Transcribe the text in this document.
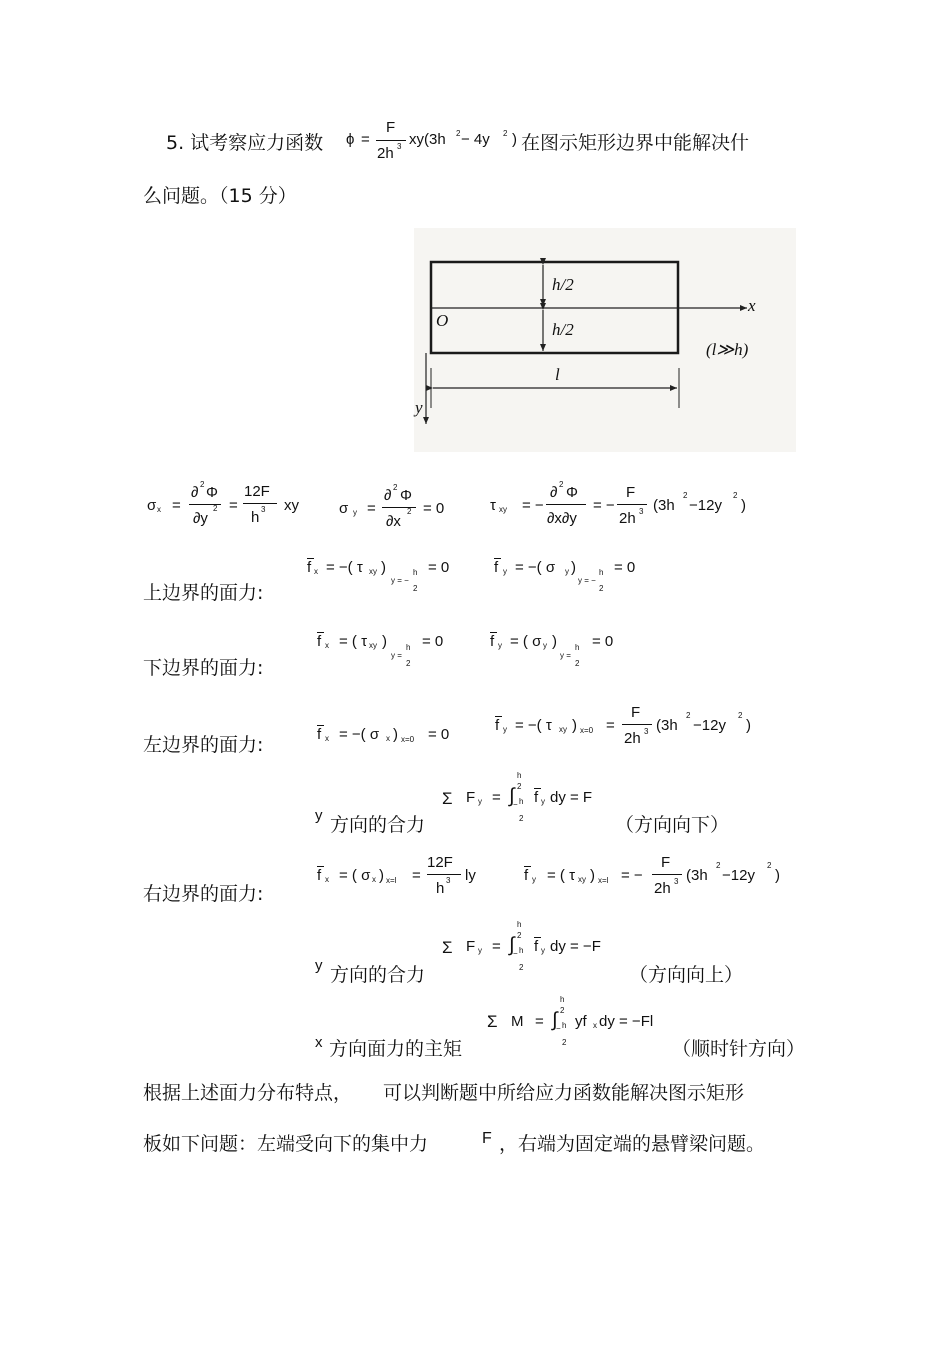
5. 试考察应力函数 ϕ =
F
2h 3 xy(3h 2 − 4y 2 ) 在图示矩形边界中能解决什
么问题。（15 分）
h/2
h/2
O
x
y
l
(l≫h)
σ x =
∂ 2 Φ
∂y
2 =
12F
h 3 xy	σ y =
∂ 2 Φ
∂x
2 = 0	τ xy = −
∂ 2 Φ
∂x∂y
= −
F
2h 3 (3h
2
−12y
2
)
上边界的面力:
f x = −( τ xy )
y = −
h
2
= 0	f y = −( σ y )
y = −
h
2
= 0
下边界的面力:
f x = ( τ xy )
y =
h
2
= 0	f y = ( σ y )
y =
h
2
= 0
左边界的面力:	f x = −( σ x ) x=0 = 0
f y = −( τ xy ) x=0 =
F
2h 3 (3h
2
−12y
2
)
y 方向的合力
Σ F y = ∫
h
2
− h
2
f y dy = F
（方向向下）
右边界的面力:
f x = ( σ x ) x=l =
12F
h 3 ly	f y = ( τ xy ) x=l = −
F
2h 3 (3h
2
−12y
2
)
y 方向的合力
Σ F y = ∫
h
2
− h
2
f y dy = −F
（方向向上）
x 方向面力的主矩
Σ M = ∫
h
2
− h
2
yf x dy = −Fl
（顺时针方向）
根据上述面力分布特点， 可以判断题中所给应力函数能解决图示矩形
板如下问题：左端受向下的集中力	F ，右端为固定端的悬臂梁问题。
